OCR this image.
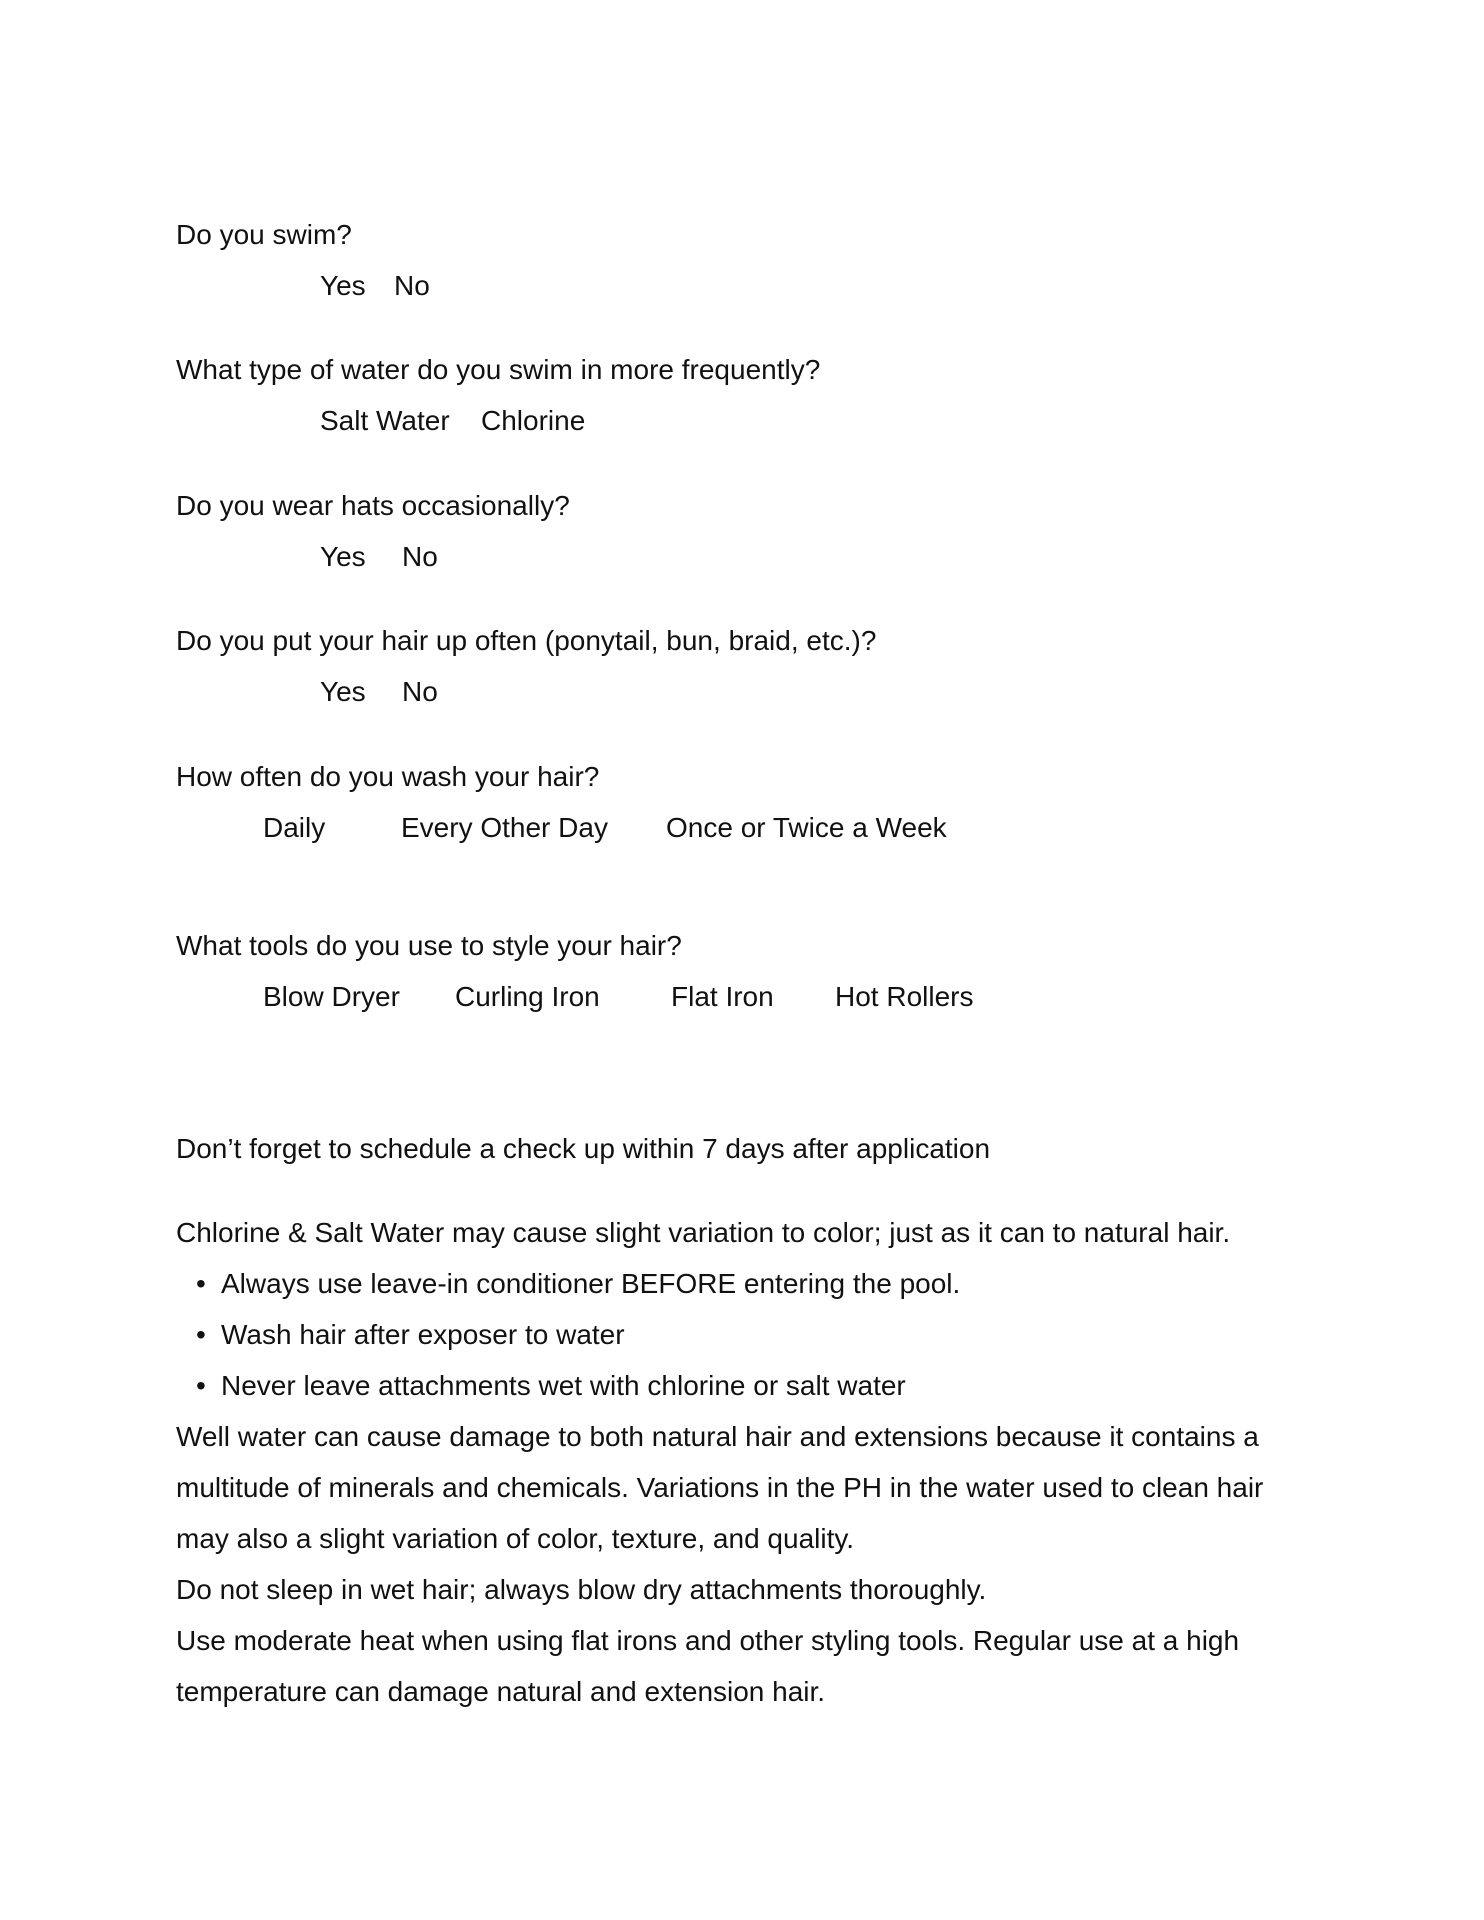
Do you swim?
Yes No
What type of water do you swim in more frequently?
Salt Water Chlorine
Do you wear hats occasionally?
Yes No
Do you put your hair up often (ponytail, bun, braid, etc.)?
Yes No
How often do you wash your hair?
Daily	Every Other Day Once or Twice a Week
What tools do you use to style your hair?
Blow Dryer Curling Iron	Flat Iron Hot Rollers
Don’t forget to schedule a check up within 7 days after application
Chlorine & Salt Water may cause slight variation to color; just as it can to natural hair.
• Always use leave-in conditioner BEFORE entering the pool.
• Wash hair after exposer to water
• Never leave attachments wet with chlorine or salt water
Well water can cause damage to both natural hair and extensions because it contains a
multitude of minerals and chemicals. Variations in the PH in the water used to clean hair
may also a slight variation of color, texture, and quality.
Do not sleep in wet hair; always blow dry attachments thoroughly.
Use moderate heat when using flat irons and other styling tools. Regular use at a high
temperature can damage natural and extension hair.
